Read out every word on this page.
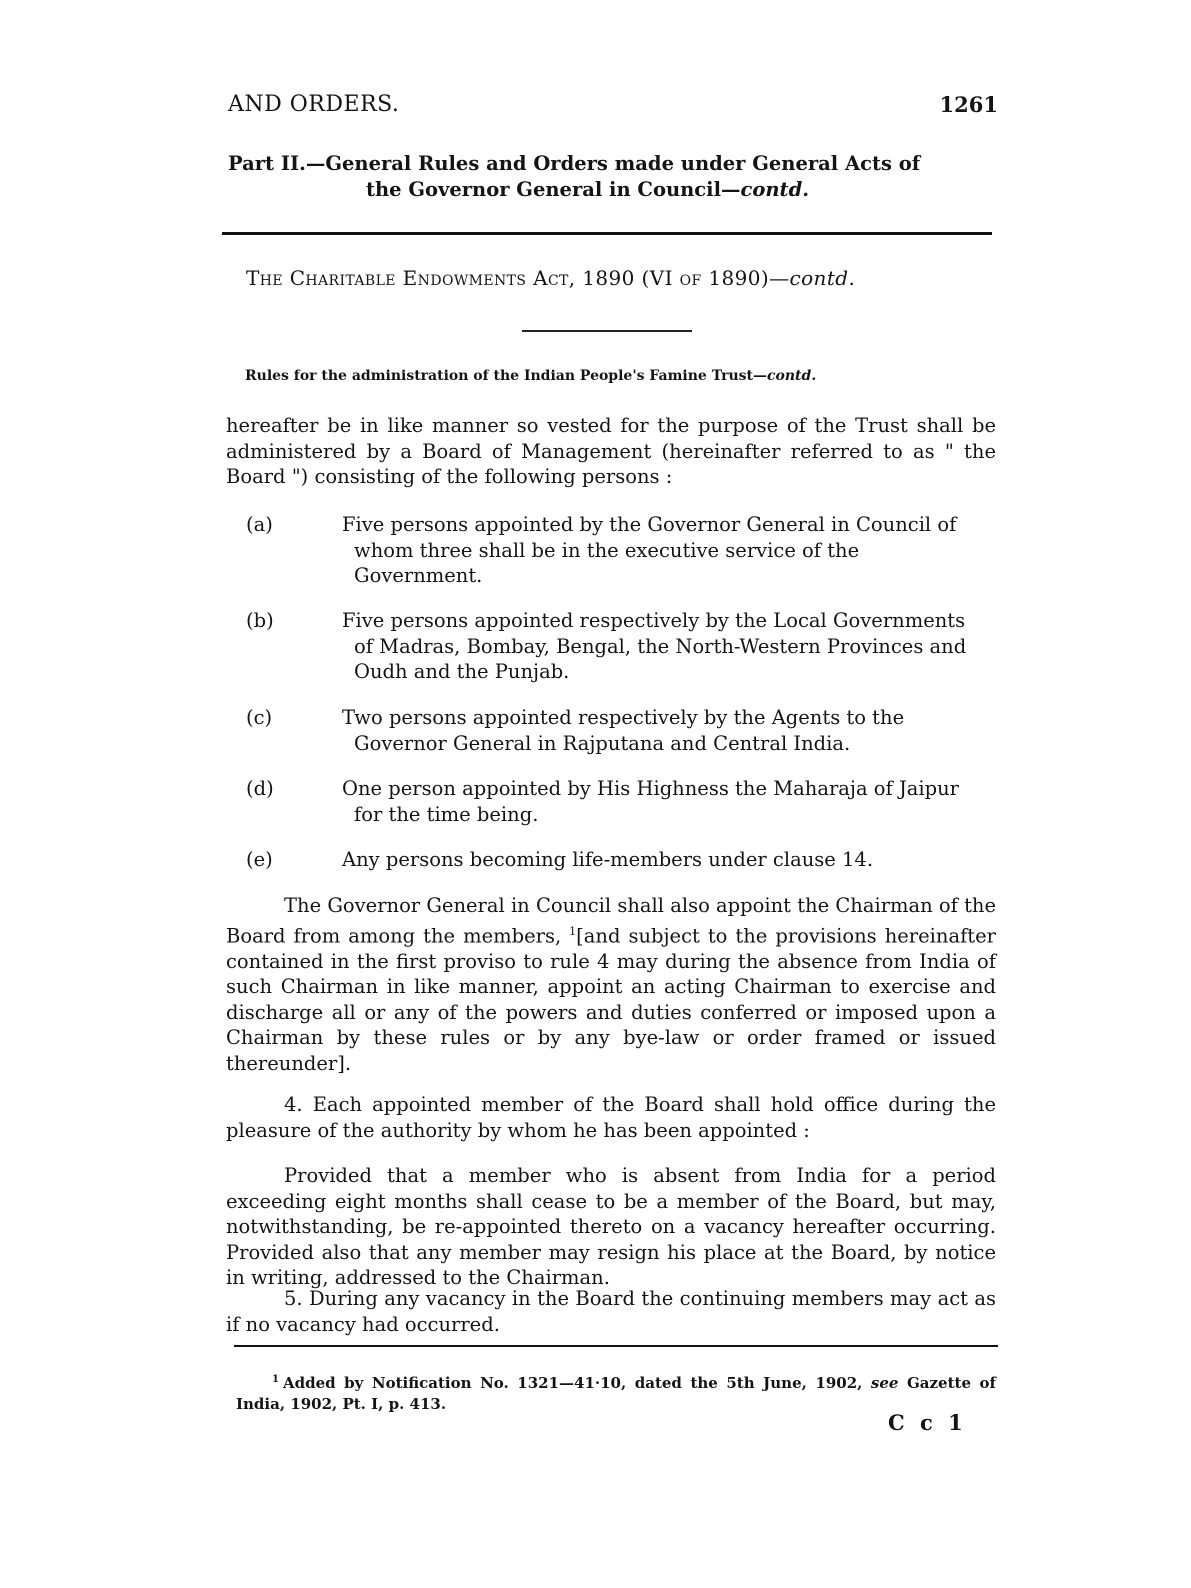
AND ORDERS.	1261
Part II.—General Rules and Orders made under General Acts of
the Governor General in Council—contd.
The Charitable Endowments Act, 1890 (VI of 1890)—contd.
Rules for the administration of the Indian People's Famine Trust—contd.
hereafter be in like manner so vested for the purpose of the Trust shall be administered by a Board of Management (hereinafter referred to as " the Board ") consisting of the following persons :
(a)	Five persons appointed by the Governor General in Council of whom three shall be in the executive service of the Government.
(b)	Five persons appointed respectively by the Local Governments of Madras, Bombay, Bengal, the North-Western Provinces and Oudh and the Punjab.
(c)	Two persons appointed respectively by the Agents to the Governor General in Rajputana and Central India.
(d)	One person appointed by His Highness the Maharaja of Jaipur for the time being.
(e)	Any persons becoming life-members under clause 14.
The Governor General in Council shall also appoint the Chairman of the Board from among the members, $^1$[and subject to the provisions hereinafter contained in the first proviso to rule 4 may during the absence from India of such Chairman in like manner, appoint an acting Chairman to exercise and discharge all or any of the powers and duties conferred or imposed upon a Chairman by these rules or by any bye-law or order framed or issued thereunder].
4. Each appointed member of the Board shall hold office during the pleasure of the authority by whom he has been appointed :
Provided that a member who is absent from India for a period exceeding eight months shall cease to be a member of the Board, but may, notwithstanding, be re-appointed thereto on a vacancy hereafter occurring. Provided also that any member may resign his place at the Board, by notice in writing, addressed to the Chairman.
5. During any vacancy in the Board the continuing members may act as if no vacancy had occurred.
$^1$ Added by Notification No. 1321—41·10, dated the 5th June, 1902, see Gazette of India, 1902, Pt. I, p. 413.
C c 1
